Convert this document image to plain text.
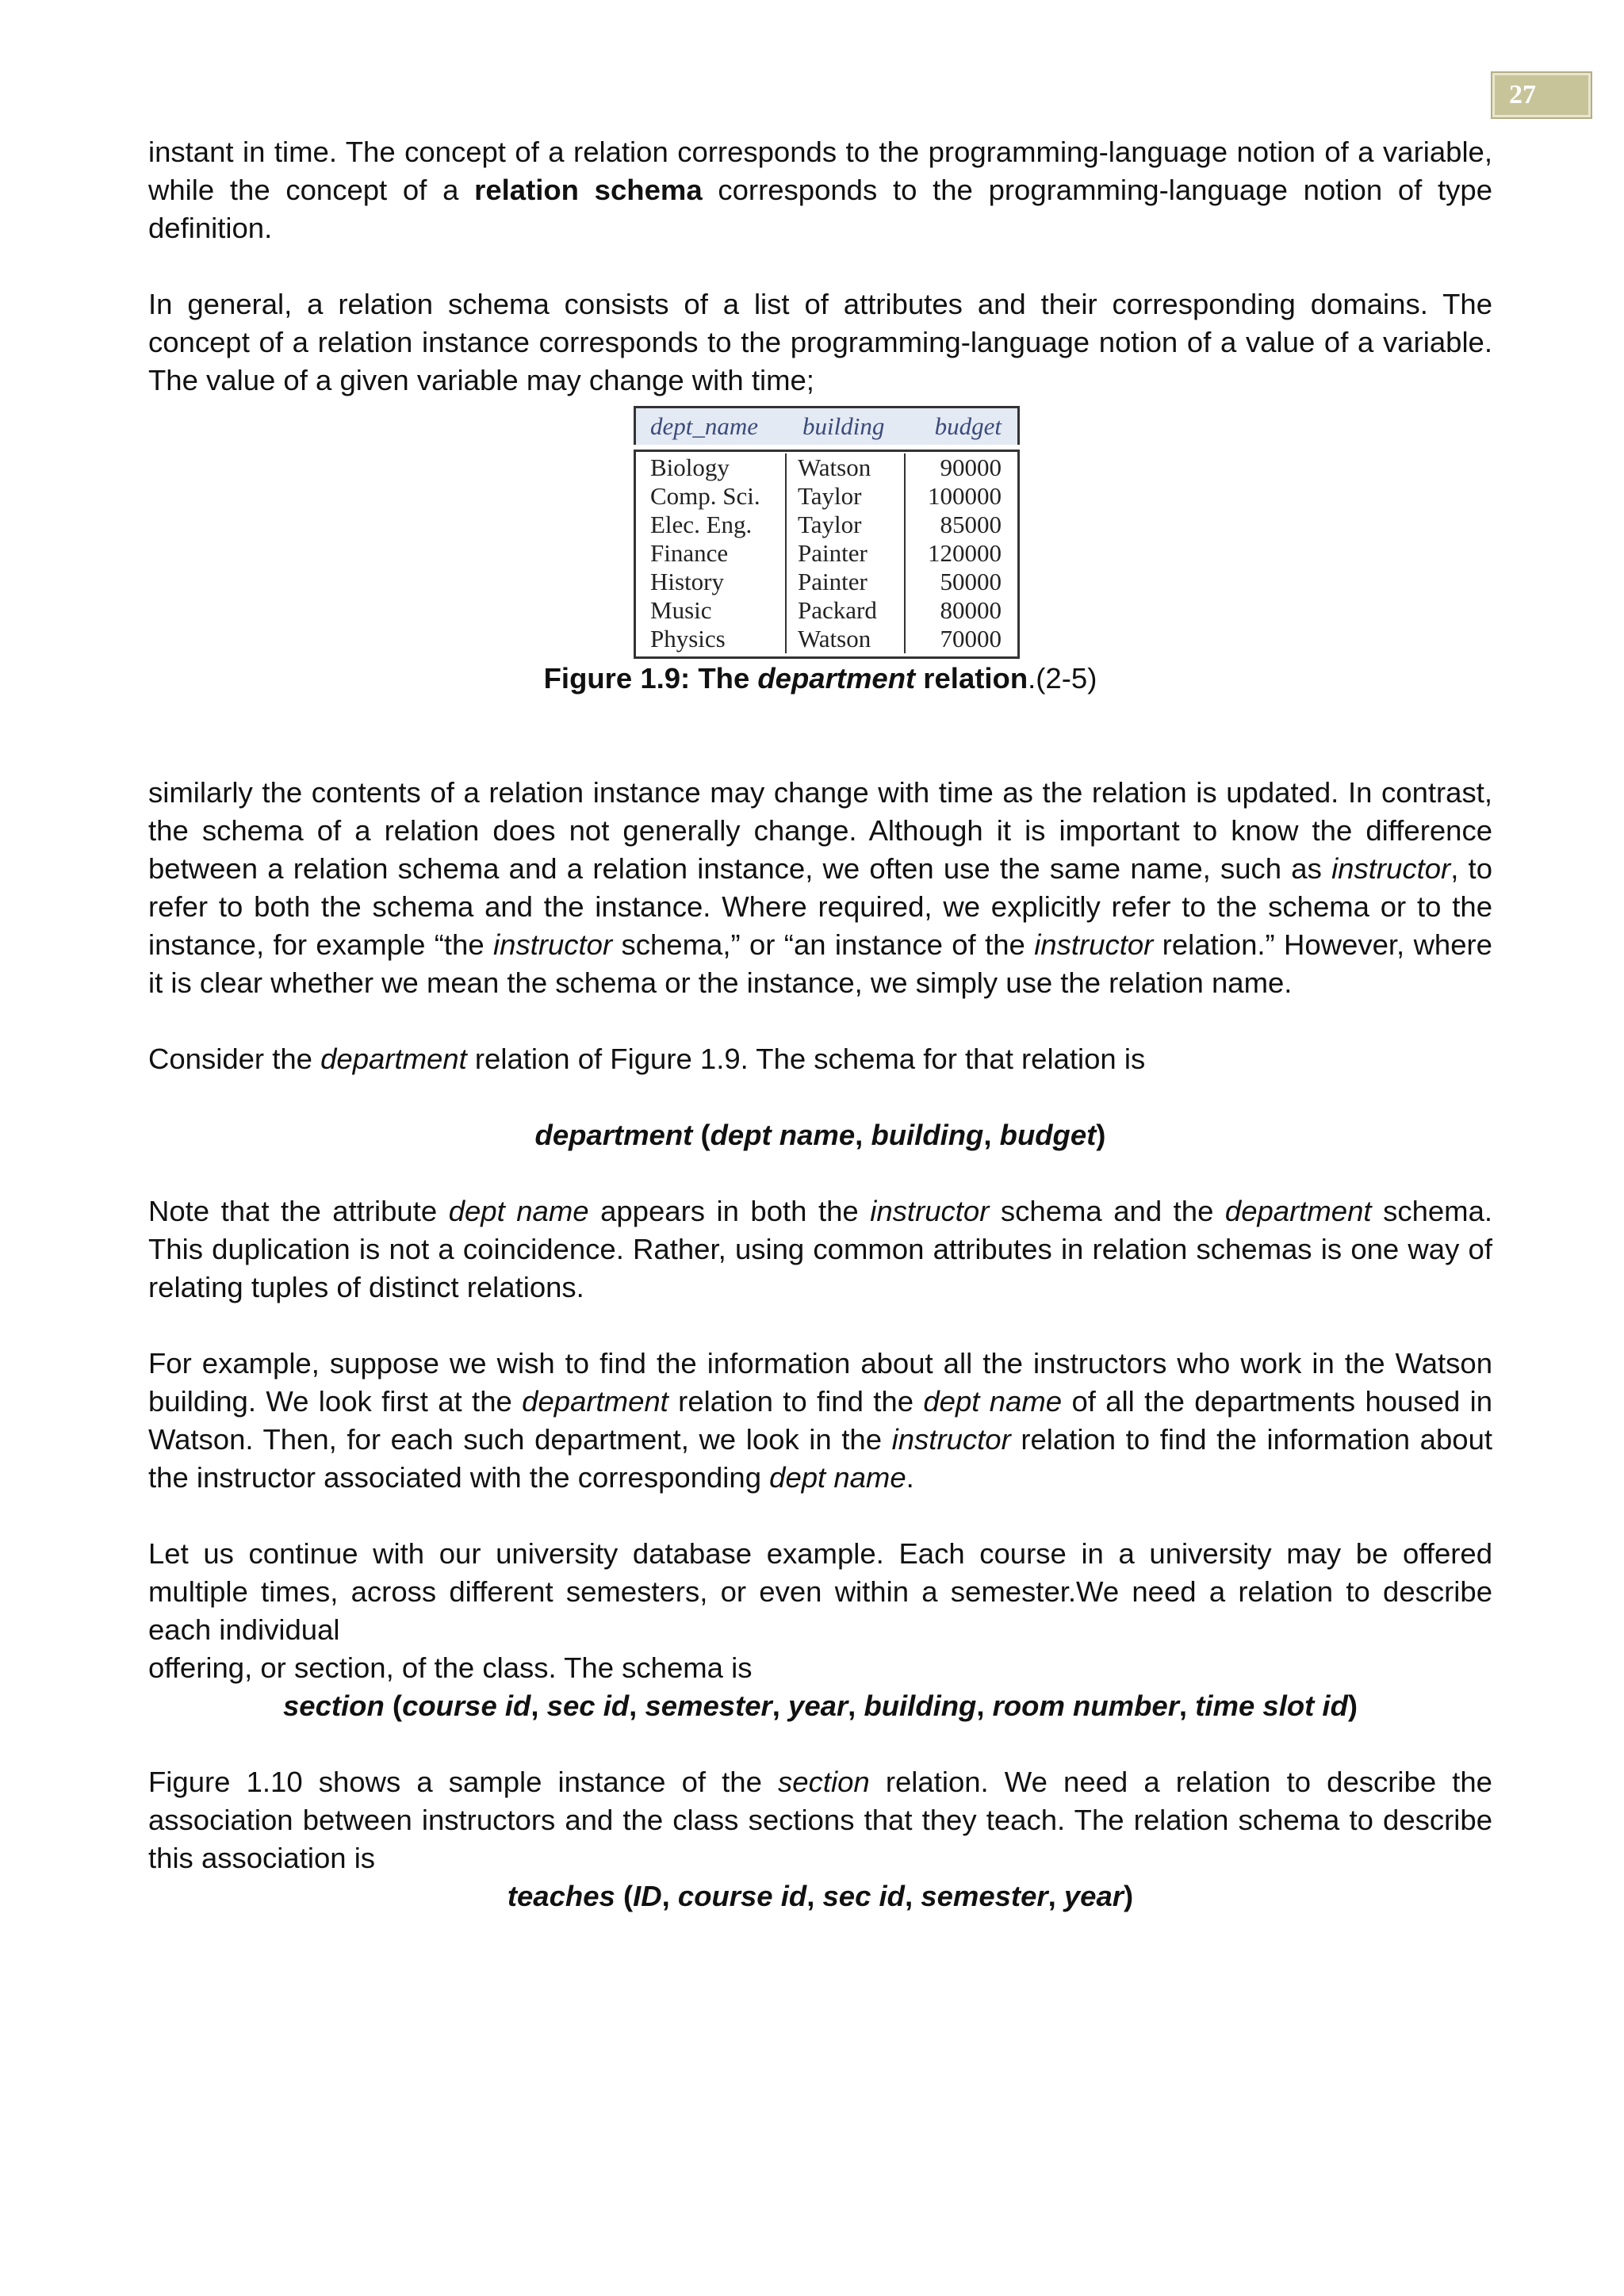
27

instant in time. The concept of a relation corresponds to the programming-language notion of a variable, while the concept of a relation schema corresponds to the programming-language notion of type definition.

In general, a relation schema consists of a list of attributes and their corresponding domains. The concept of a relation instance corresponds to the programming-language notion of a value of a variable. The value of a given variable may change with time;

dept_name	building	budget
Biology
Comp. Sci.
Elec. Eng.
Finance
History
Music
Physics
Watson
Taylor
Taylor
Painter
Painter
Packard
Watson
90000
100000
85000
120000
50000
80000
70000
Figure 1.9: The department relation.(2-5)

similarly the contents of a relation instance may change with time as the relation is updated. In contrast, the schema of a relation does not generally change. Although it is important to know the difference between a relation schema and a relation instance, we often use the same name, such as instructor, to refer to both the schema and the instance. Where required, we explicitly refer to the schema or to the instance, for example “the instructor schema,” or “an instance of the instructor relation.” However, where it is clear whether we mean the schema or the instance, we simply use the relation name.

Consider the department relation of Figure 1.9. The schema for that relation is

department (dept name, building, budget)

Note that the attribute dept name appears in both the instructor schema and the department schema. This duplication is not a coincidence. Rather, using common attributes in relation schemas is one way of relating tuples of distinct relations.

For example, suppose we wish to find the information about all the instructors who work in the Watson building. We look first at the department relation to find the dept name of all the departments housed in Watson. Then, for each such department, we look in the instructor relation to find the information about the instructor associated with the corresponding dept name.

Let us continue with our university database example. Each course in a university may be offered multiple times, across different semesters, or even within a semester.We need a relation to describe each individual
offering, or section, of the class. The schema is

section (course id, sec id, semester, year, building, room number, time slot id)

Figure 1.10 shows a sample instance of the section relation. We need a relation to describe the association between instructors and the class sections that they teach. The relation schema to describe this association is

teaches (ID, course id, sec id, semester, year)
